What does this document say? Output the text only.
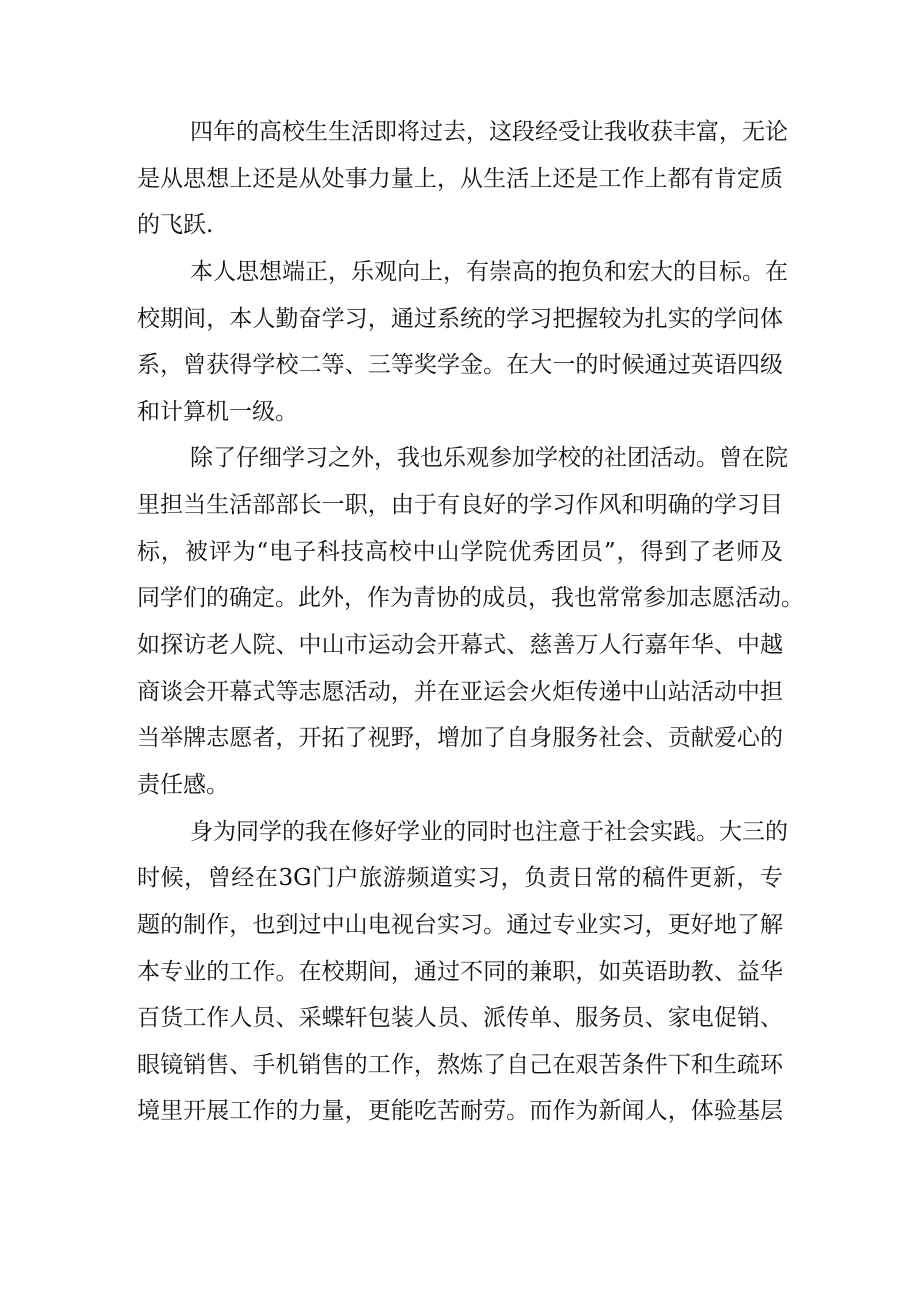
四年的高校生生活即将过去，这段经受让我收获丰富，无论
是从思想上还是从处事力量上，从生活上还是工作上都有肯定质
的飞跃.
本人思想端正，乐观向上，有崇高的抱负和宏大的目标。在
校期间，本人勤奋学习，通过系统的学习把握较为扎实的学问体
系，曾获得学校二等、三等奖学金。在大一的时候通过英语四级
和计算机一级。
除了仔细学习之外，我也乐观参加学校的社团活动。曾在院
里担当生活部部长一职，由于有良好的学习作风和明确的学习目
标，被评为“电子科技高校中山学院优秀团员”，得到了老师及
同学们的确定。此外，作为青协的成员，我也常常参加志愿活动。
如探访老人院、中山市运动会开幕式、慈善万人行嘉年华、中越
商谈会开幕式等志愿活动，并在亚运会火炬传递中山站活动中担
当举牌志愿者，开拓了视野，增加了自身服务社会、贡献爱心的
责任感。
身为同学的我在修好学业的同时也注意于社会实践。大三的
时候，曾经在3G门户旅游频道实习，负责日常的稿件更新，专
题的制作，也到过中山电视台实习。通过专业实习，更好地了解
本专业的工作。在校期间，通过不同的兼职，如英语助教、益华
百货工作人员、采蝶轩包装人员、派传单、服务员、家电促销、
眼镜销售、手机销售的工作，熬炼了自己在艰苦条件下和生疏环
境里开展工作的力量，更能吃苦耐劳。而作为新闻人，体验基层
